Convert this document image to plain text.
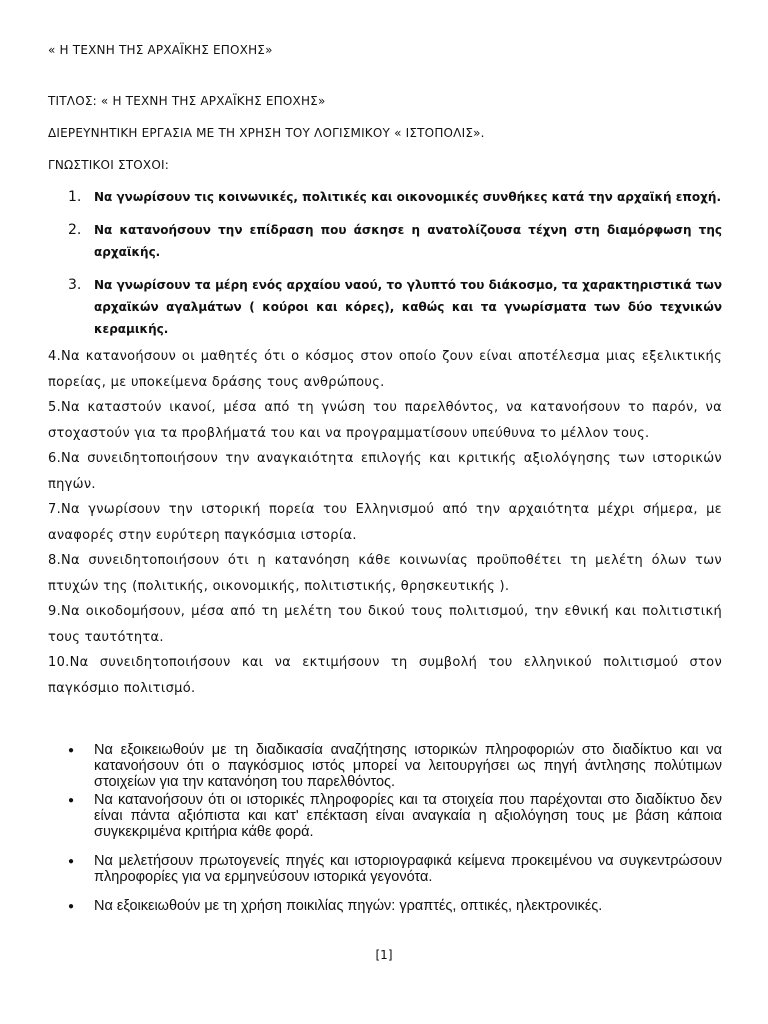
« Η ΤΕΧΝΗ ΤΗΣ ΑΡΧΑΪΚΗΣ ΕΠΟΧΗΣ»
ΤΙΤΛΟΣ: « Η ΤΕΧΝΗ ΤΗΣ ΑΡΧΑΪΚΗΣ ΕΠΟΧΗΣ»
ΔΙΕΡΕΥΝΗΤΙΚΗ ΕΡΓΑΣΙΑ ΜΕ ΤΗ ΧΡΗΣΗ ΤΟΥ ΛΟΓΙΣΜΙΚΟΥ « ΙΣΤΟΠΟΛΙΣ».
ΓΝΩΣΤΙΚΟΙ ΣΤΟΧΟΙ:
1.	Να γνωρίσουν τις κοινωνικές, πολιτικές και οικονομικές συνθήκες κατά την αρχαϊκή εποχή.
2.	Να κατανοήσουν την επίδραση που άσκησε η ανατολίζουσα τέχνη στη διαμόρφωση της αρχαϊκής.
3.	Να γνωρίσουν τα μέρη ενός αρχαίου ναού, το γλυπτό του διάκοσμο, τα χαρακτηριστικά των αρχαϊκών αγαλμάτων ( κούροι και κόρες), καθώς και τα γνωρίσματα των δύο τεχνικών κεραμικής.
4.Να κατανοήσουν οι μαθητές ότι ο κόσμος στον οποίο ζουν είναι αποτέλεσμα μιας εξελικτικής πορείας, με υποκείμενα δράσης τους ανθρώπους.
5.Να καταστούν ικανοί, μέσα από τη γνώση του παρελθόντος, να κατανοήσουν το παρόν, να στοχαστούν για τα προβλήματά του και να προγραμματίσουν υπεύθυνα το μέλλον τους.
6.Να συνειδητοποιήσουν την αναγκαιότητα επιλογής και κριτικής αξιολόγησης των ιστορικών πηγών.
7.Να γνωρίσουν την ιστορική πορεία του Ελληνισμού από την αρχαιότητα μέχρι σήμερα, με αναφορές στην ευρύτερη παγκόσμια ιστορία.
8.Να συνειδητοποιήσουν ότι η κατανόηση κάθε κοινωνίας προϋποθέτει τη μελέτη όλων των πτυχών της (πολιτικής, οικονομικής, πολιτιστικής, θρησκευτικής ).
9.Να οικοδομήσουν, μέσα από τη μελέτη του δικού τους πολιτισμού, την εθνική και πολιτιστική τους ταυτότητα.
10.Να συνειδητοποιήσουν και να εκτιμήσουν τη συμβολή του ελληνικού πολιτισμού στον παγκόσμιο πολιτισμό.
●	Να εξοικειωθούν με τη διαδικασία αναζήτησης ιστορικών πληροφοριών στο διαδίκτυο και να κατανοήσουν ότι ο παγκόσμιος ιστός μπορεί να λειτουργήσει ως πηγή άντλησης πολύτιμων στοιχείων για την κατανόηση του παρελθόντος.
●	Να κατανοήσουν ότι οι ιστορικές πληροφορίες και τα στοιχεία που παρέχονται στο διαδίκτυο δεν είναι πάντα αξιόπιστα και κατ' επέκταση είναι αναγκαία η αξιολόγηση τους με βάση κάποια συγκεκριμένα κριτήρια κάθε φορά.
●	Να μελετήσουν πρωτογενείς πηγές και ιστοριογραφικά κείμενα προκειμένου να συγκεντρώσουν πληροφορίες για να ερμηνεύσουν ιστορικά γεγονότα.
●	Να εξοικειωθούν με τη χρήση ποικιλίας πηγών: γραπτές, οπτικές, ηλεκτρονικές.
[1]
